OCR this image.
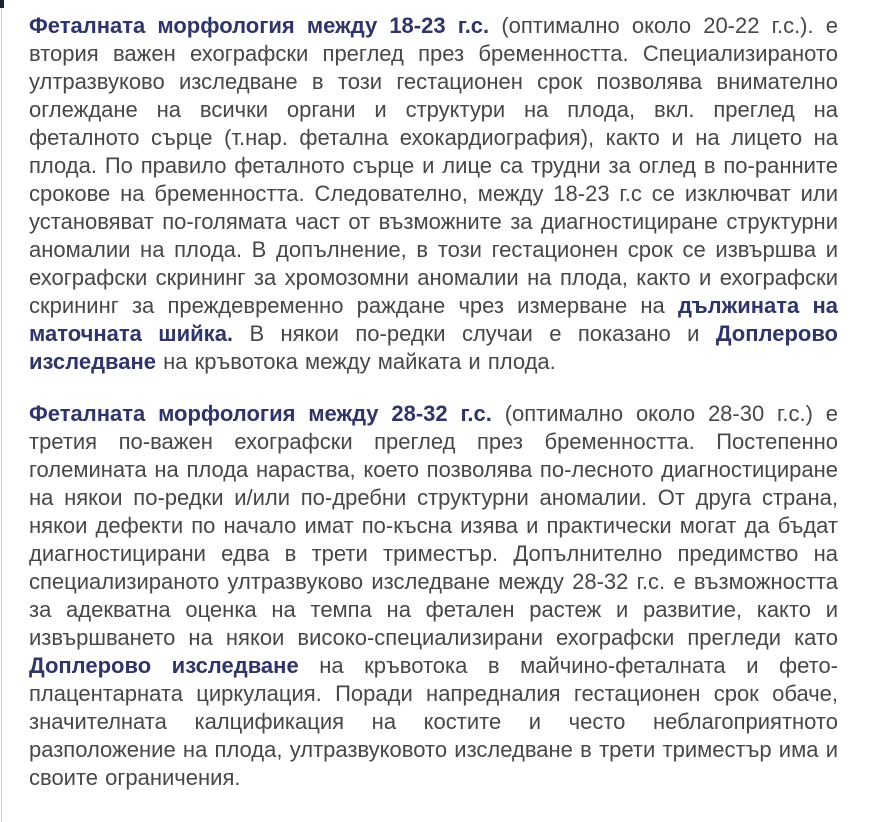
Феталната морфология между 18-23 г.с. (оптимално около 20-22 г.с.). е втория важен ехографски преглед през бременността. Специализираното ултразвуково изследване в този гестационен срок позволява внимателно оглеждане на всички органи и структури на плода, вкл. преглед на феталното сърце (т.нар. фетална ехокардиография), както и на лицето на плода. По правило феталното сърце и лице са трудни за оглед в по-ранните срокове на бременността. Следователно, между 18-23 г.с се изключват или установяват по-голямата част от възможните за диагностициране структурни аномалии на плода. В допълнение, в този гестационен срок се извършва и ехографски скрининг за хромозомни аномалии на плода, както и ехографски скрининг за преждевременно раждане чрез измерване на дължината на маточната шийка. В някои по-редки случаи е показано и Доплерово изследване на кръвотока между майката и плода.

Феталната морфология между 28-32 г.с. (оптимално около 28-30 г.с.) е третия по-важен ехографски преглед през бременността. Постепенно големината на плода нараства, което позволява по-лесното диагностициране на някои по-редки и/или по-дребни структурни аномалии. От друга страна, някои дефекти по начало имат по-късна изява и практически могат да бъдат диагностицирани едва в трети триместър. Допълнително предимство на специализираното ултразвуково изследване между 28-32 г.с. е възможността за адекватна оценка на темпа на фетален растеж и развитие, както и извършването на някои високо-специализирани ехографски прегледи като Доплерово изследване на кръвотока в майчино-феталната и фето-плацентарната циркулация. Поради напредналия гестационен срок обаче, значителната калцификация на костите и често неблагоприятното разположение на плода, ултразвуковото изследване в трети триместър има и своите ограничения.
